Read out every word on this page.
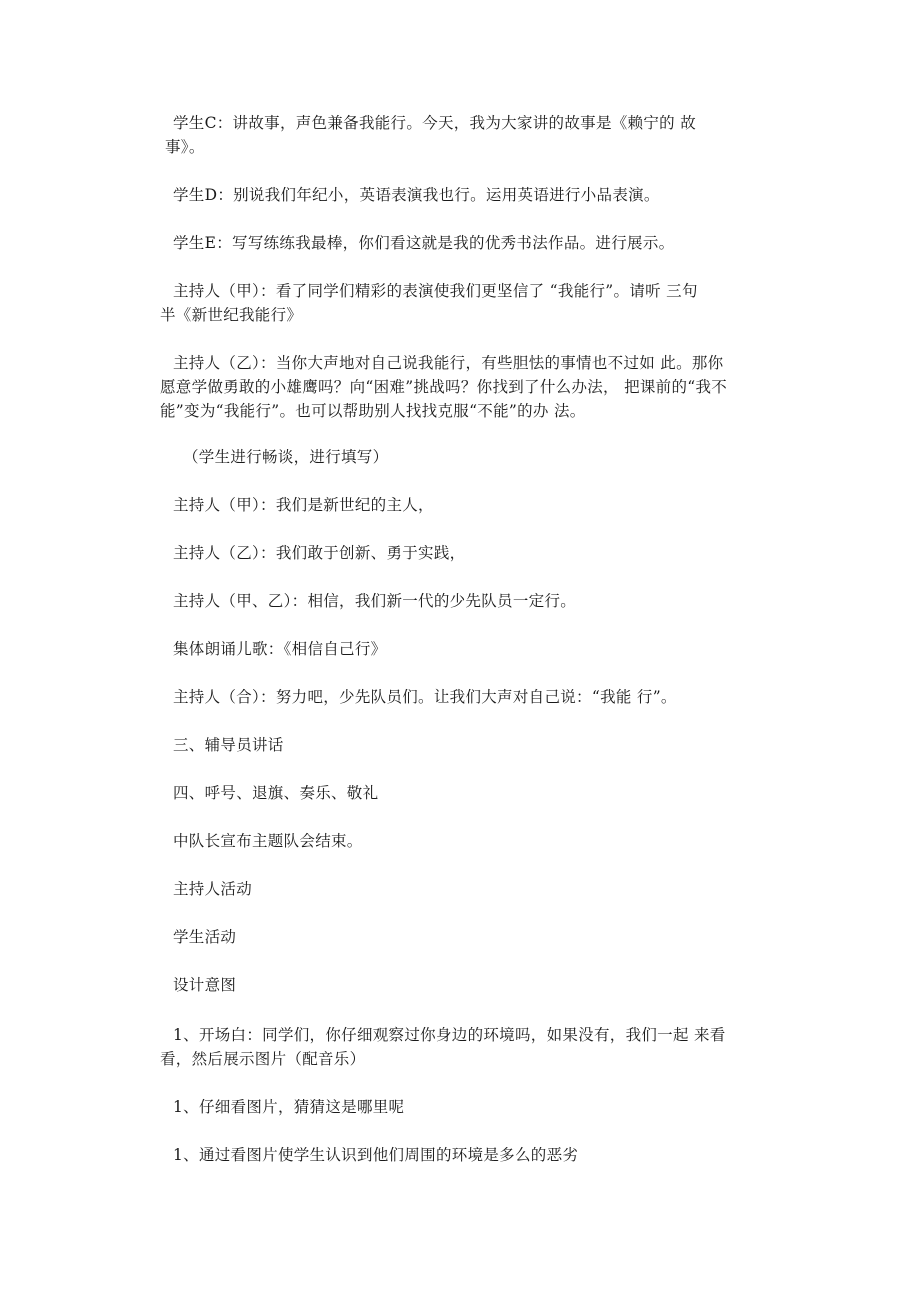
学生C：讲故事，声色兼备我能行。今天，我为大家讲的故事是《赖宁的 故
事》。
学生D：别说我们年纪小，英语表演我也行。运用英语进行小品表演。
学生E：写写练练我最棒，你们看这就是我的优秀书法作品。进行展示。
主持人（甲）：看了同学们精彩的表演使我们更坚信了 “我能行”。请听 三句
半《新世纪我能行》
主持人（乙）：当你大声地对自己说我能行，有些胆怯的事情也不过如 此。那你
愿意学做勇敢的小雄鹰吗？向“困难”挑战吗？你找到了什么办法， 把课前的“我不
能”变为“我能行”。也可以帮助别人找找克服“不能”的办 法。
（学生进行畅谈，进行填写）
主持人（甲）：我们是新世纪的主人，
主持人（乙）：我们敢于创新、勇于实践，
主持人（甲、乙）：相信，我们新一代的少先队员一定行。
集体朗诵儿歌：《相信自己行》
主持人（合）：努力吧，少先队员们。让我们大声对自己说：“我能 行”。
三、辅导员讲话
四、呼号、退旗、奏乐、敬礼
中队长宣布主题队会结束。
主持人活动
学生活动
设计意图
1、开场白：同学们，你仔细观察过你身边的环境吗，如果没有，我们一起 来看
看，然后展示图片（配音乐）
1、仔细看图片，猜猜这是哪里呢
1、通过看图片使学生认识到他们周围的环境是多么的恶劣
